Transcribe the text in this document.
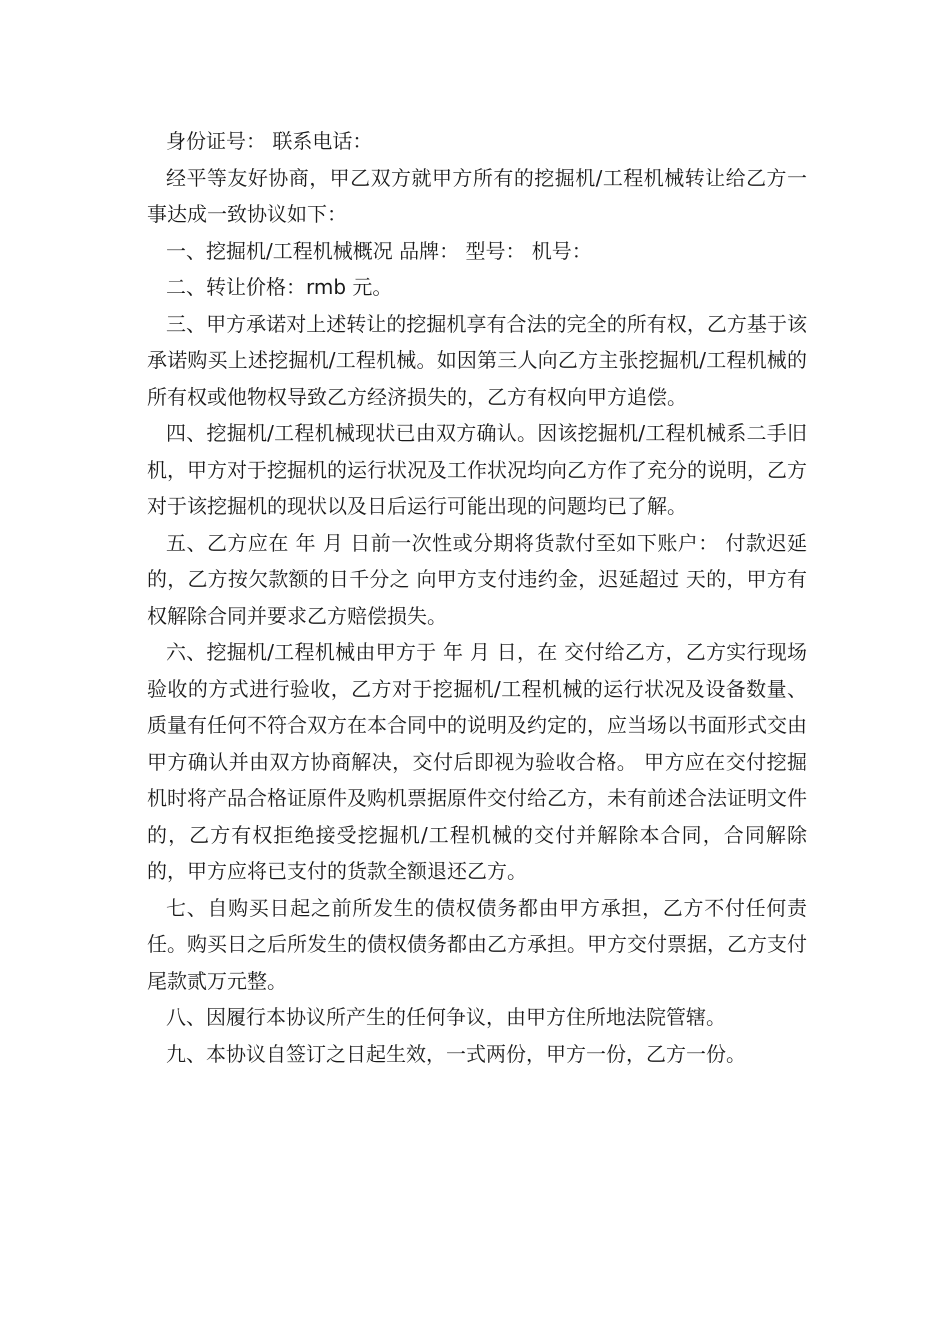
身份证号： 联系电话：

经平等友好协商，甲乙双方就甲方所有的挖掘机/工程机械转让给乙方一事达成一致协议如下：

一、挖掘机/工程机械概况 品牌： 型号： 机号：

二、转让价格：rmb 元。

三、甲方承诺对上述转让的挖掘机享有合法的完全的所有权，乙方基于该承诺购买上述挖掘机/工程机械。如因第三人向乙方主张挖掘机/工程机械的所有权或他物权导致乙方经济损失的，乙方有权向甲方追偿。

四、挖掘机/工程机械现状已由双方确认。因该挖掘机/工程机械系二手旧机，甲方对于挖掘机的运行状况及工作状况均向乙方作了充分的说明，乙方对于该挖掘机的现状以及日后运行可能出现的问题均已了解。

五、乙方应在 年 月 日前一次性或分期将货款付至如下账户： 付款迟延的，乙方按欠款额的日千分之 向甲方支付违约金，迟延超过 天的，甲方有权解除合同并要求乙方赔偿损失。

六、挖掘机/工程机械由甲方于 年 月 日，在 交付给乙方，乙方实行现场验收的方式进行验收，乙方对于挖掘机/工程机械的运行状况及设备数量、质量有任何不符合双方在本合同中的说明及约定的，应当场以书面形式交由甲方确认并由双方协商解决，交付后即视为验收合格。 甲方应在交付挖掘机时将产品合格证原件及购机票据原件交付给乙方，未有前述合法证明文件的，乙方有权拒绝接受挖掘机/工程机械的交付并解除本合同，合同解除的，甲方应将已支付的货款全额退还乙方。

七、自购买日起之前所发生的债权债务都由甲方承担，乙方不付任何责任。购买日之后所发生的债权债务都由乙方承担。甲方交付票据，乙方支付尾款贰万元整。

八、因履行本协议所产生的任何争议，由甲方住所地法院管辖。

九、本协议自签订之日起生效，一式两份，甲方一份，乙方一份。
